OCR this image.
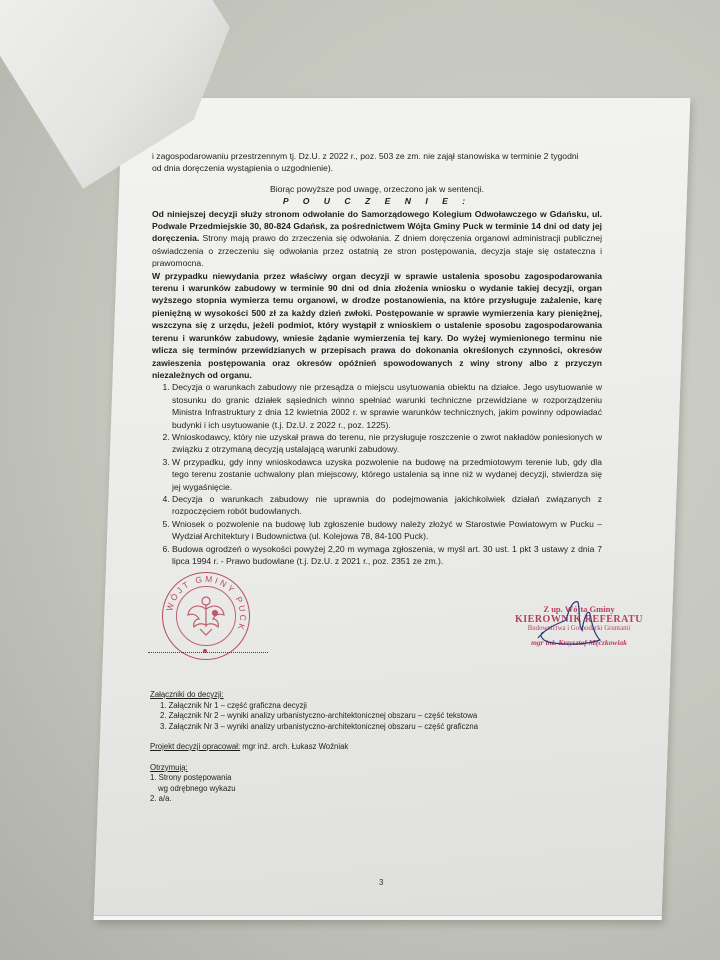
i zagospodarowaniu przestrzennym tj. Dz.U. z 2022 r., poz. 503 ze zm. nie zajął stanowiska w terminie 2 tygodni

od dnia doręczenia wystąpienia o uzgodnienie).

Biorąc powyższe pod uwagę, orzeczono jak w sentencji.

P O U C Z E N I E :

Od niniejszej decyzji służy stronom odwołanie do Samorządowego Kolegium Odwoławczego w Gdańsku, ul. Podwale Przedmiejskie 30, 80-824 Gdańsk, za pośrednictwem Wójta Gminy Puck w terminie 14 dni od daty jej doręczenia. Strony mają prawo do zrzeczenia się odwołania. Z dniem doręczenia organowi administracji publicznej oświadczenia o zrzeczeniu się odwołania przez ostatnią ze stron postępowania, decyzja staje się ostateczna i prawomocna.

W przypadku niewydania przez właściwy organ decyzji w sprawie ustalenia sposobu zagospodarowania terenu i warunków zabudowy w terminie 90 dni od dnia złożenia wniosku o wydanie takiej decyzji, organ wyższego stopnia wymierza temu organowi, w drodze postanowienia, na które przysługuje zażalenie, karę pieniężną w wysokości 500 zł za każdy dzień zwłoki. Postępowanie w sprawie wymierzenia kary pieniężnej, wszczyna się z urzędu, jeżeli podmiot, który wystąpił z wnioskiem o ustalenie sposobu zagospodarowania terenu i warunków zabudowy, wniesie żądanie wymierzenia tej kary. Do wyżej wymienionego terminu nie wlicza się terminów przewidzianych w przepisach prawa do dokonania określonych czynności, okresów zawieszenia postępowania oraz okresów opóźnień spowodowanych z winy strony albo z przyczyn niezależnych od organu.

1. Decyzja o warunkach zabudowy nie przesądza o miejscu usytuowania obiektu na działce. Jego usytuowanie w stosunku do granic działek sąsiednich winno spełniać warunki techniczne przewidziane w rozporządzeniu Ministra Infrastruktury z dnia 12 kwietnia 2002 r. w sprawie warunków technicznych, jakim powinny odpowiadać budynki i ich usytuowanie (t.j. Dz.U. z 2022 r., poz. 1225).
2. Wnioskodawcy, który nie uzyskał prawa do terenu, nie przysługuje roszczenie o zwrot nakładów poniesionych w związku z otrzymaną decyzją ustalającą warunki zabudowy.
3. W przypadku, gdy inny wnioskodawca uzyska pozwolenie na budowę na przedmiotowym terenie lub, gdy dla tego terenu zostanie uchwalony plan miejscowy, którego ustalenia są inne niż w wydanej decyzji, stwierdza się jej wygaśnięcie.
4. Decyzja o warunkach zabudowy nie uprawnia do podejmowania jakichkolwiek działań związanych z rozpoczęciem robót budowlanych.
5. Wniosek o pozwolenie na budowę lub zgłoszenie budowy należy złożyć w Starostwie Powiatowym w Pucku – Wydział Architektury i Budownictwa (ul. Kolejowa 78, 84-100 Puck).
6. Budowa ogrodzeń o wysokości powyżej 2,20 m wymaga zgłoszenia, w myśl art. 30 ust. 1 pkt 3 ustawy z dnia 7 lipca 1994 r. - Prawo budowlane (t.j. Dz.U. z 2021 r., poz. 2351 ze zm.).
WÓJT GMINY PUCK
Z up. Wójta Gminy
KIEROWNIK REFERATU
Budownictwa i Gospodarki Gruntami
mgr inż. Krzysztof Męczkowiak
Załączniki do decyzji:
1. Załącznik Nr 1 – część graficzna decyzji
2. Załącznik Nr 2 – wyniki analizy urbanistyczno-architektonicznej obszaru – część tekstowa
3. Załącznik Nr 3 – wyniki analizy urbanistyczno-architektonicznej obszaru – część graficzna
Projekt decyzji opracował: mgr inż. arch. Łukasz Woźniak
Otrzymują:
1. Strony postępowania
wg odrębnego wykazu
2. a/a.
3
